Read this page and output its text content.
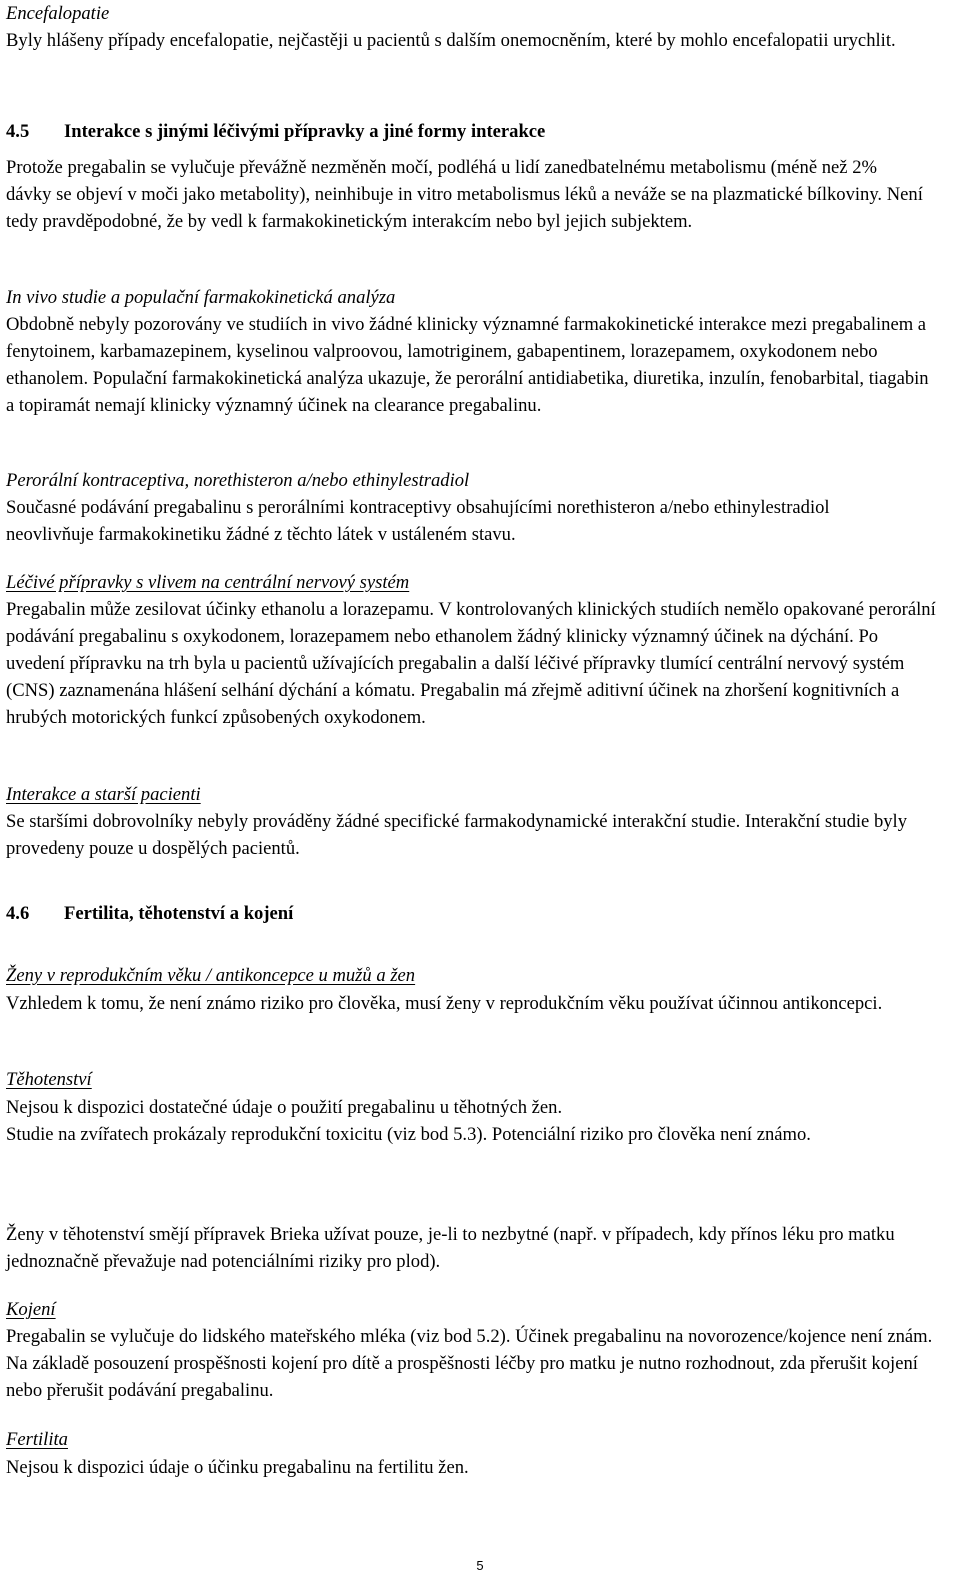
Encefalopatie

Byly hlášeny případy encefalopatie, nejčastěji u pacientů s dalším onemocněním, které by mohlo encefalopatii urychlit.

4.5	Interakce s jinými léčivými přípravky a jiné formy interakce

Protože pregabalin se vylučuje převážně nezměněn močí, podléhá u lidí zanedbatelnému metabolismu (méně než 2% dávky se objeví v moči jako metabolity), neinhibuje in vitro metabolismus léků a neváže se na plazmatické bílkoviny. Není tedy pravděpodobné, že by vedl k farmakokinetickým interakcím nebo byl jejich subjektem.

In vivo studie a populační farmakokinetická analýza

Obdobně nebyly pozorovány ve studiích in vivo žádné klinicky významné farmakokinetické interakce mezi pregabalinem a fenytoinem, karbamazepinem, kyselinou valproovou, lamotriginem, gabapentinem, lorazepamem, oxykodonem nebo ethanolem. Populační farmakokinetická analýza ukazuje, že perorální antidiabetika, diuretika, inzulín, fenobarbital, tiagabin a topiramát nemají klinicky významný účinek na clearance pregabalinu.

Perorální kontraceptiva, norethisteron a/nebo ethinylestradiol

Současné podávání pregabalinu s perorálními kontraceptivy obsahujícími norethisteron a/nebo ethinylestradiol neovlivňuje farmakokinetiku žádné z těchto látek v ustáleném stavu.

Léčivé přípravky s vlivem na centrální nervový systém

Pregabalin může zesilovat účinky ethanolu a lorazepamu. V kontrolovaných klinických studiích nemělo opakované perorální podávání pregabalinu s oxykodonem, lorazepamem nebo ethanolem žádný klinicky významný účinek na dýchání. Po uvedení přípravku na trh byla u pacientů užívajících pregabalin a další léčivé přípravky tlumící centrální nervový systém (CNS) zaznamenána hlášení selhání dýchání a kómatu. Pregabalin má zřejmě aditivní účinek na zhoršení kognitivních a hrubých motorických funkcí způsobených oxykodonem.

Interakce a starší pacienti

Se staršími dobrovolníky nebyly prováděny žádné specifické farmakodynamické interakční studie. Interakční studie byly provedeny pouze u dospělých pacientů.

4.6	Fertilita, těhotenství a kojení

Ženy v reprodukčním věku / antikoncepce u mužů a žen

Vzhledem k tomu, že není známo riziko pro člověka, musí ženy v reprodukčním věku používat účinnou antikoncepci.

Těhotenství

Nejsou k dispozici dostatečné údaje o použití pregabalinu u těhotných žen.

Studie na zvířatech prokázaly reprodukční toxicitu (viz bod 5.3). Potenciální riziko pro člověka není známo.

Ženy v těhotenství smějí přípravek Brieka užívat pouze, je-li to nezbytné (např. v případech, kdy přínos léku pro matku jednoznačně převažuje nad potenciálními riziky pro plod).

Kojení

Pregabalin se vylučuje do lidského mateřského mléka (viz bod 5.2). Účinek pregabalinu na novorozence/kojence není znám. Na základě posouzení prospěšnosti kojení pro dítě a prospěšnosti léčby pro matku je nutno rozhodnout, zda přerušit kojení nebo přerušit podávání pregabalinu.

Fertilita

Nejsou k dispozici údaje o účinku pregabalinu na fertilitu žen.

5
